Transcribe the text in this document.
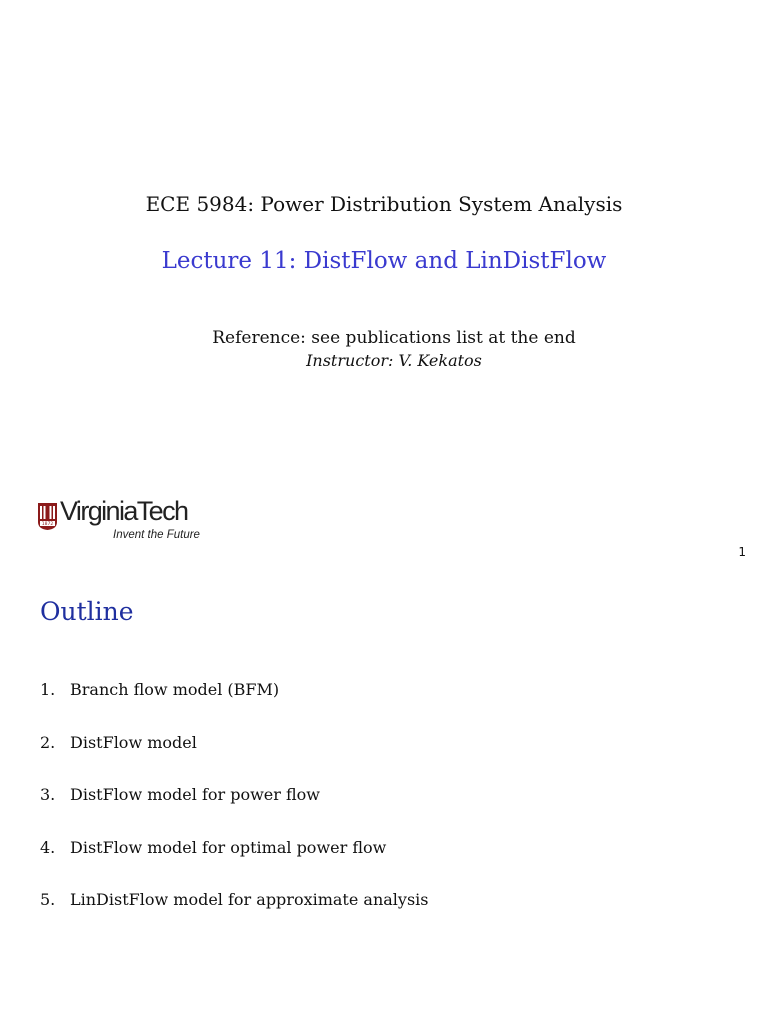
ECE 5984: Power Distribution System Analysis
Lecture 11: DistFlow and LinDistFlow
Reference: see publications list at the end
Instructor: V. Kekatos
1872 VirginiaTech
Invent the Future
1
Outline
1. Branch flow model (BFM)
2. DistFlow model
3. DistFlow model for power flow
4. DistFlow model for optimal power flow
5. LinDistFlow model for approximate analysis
